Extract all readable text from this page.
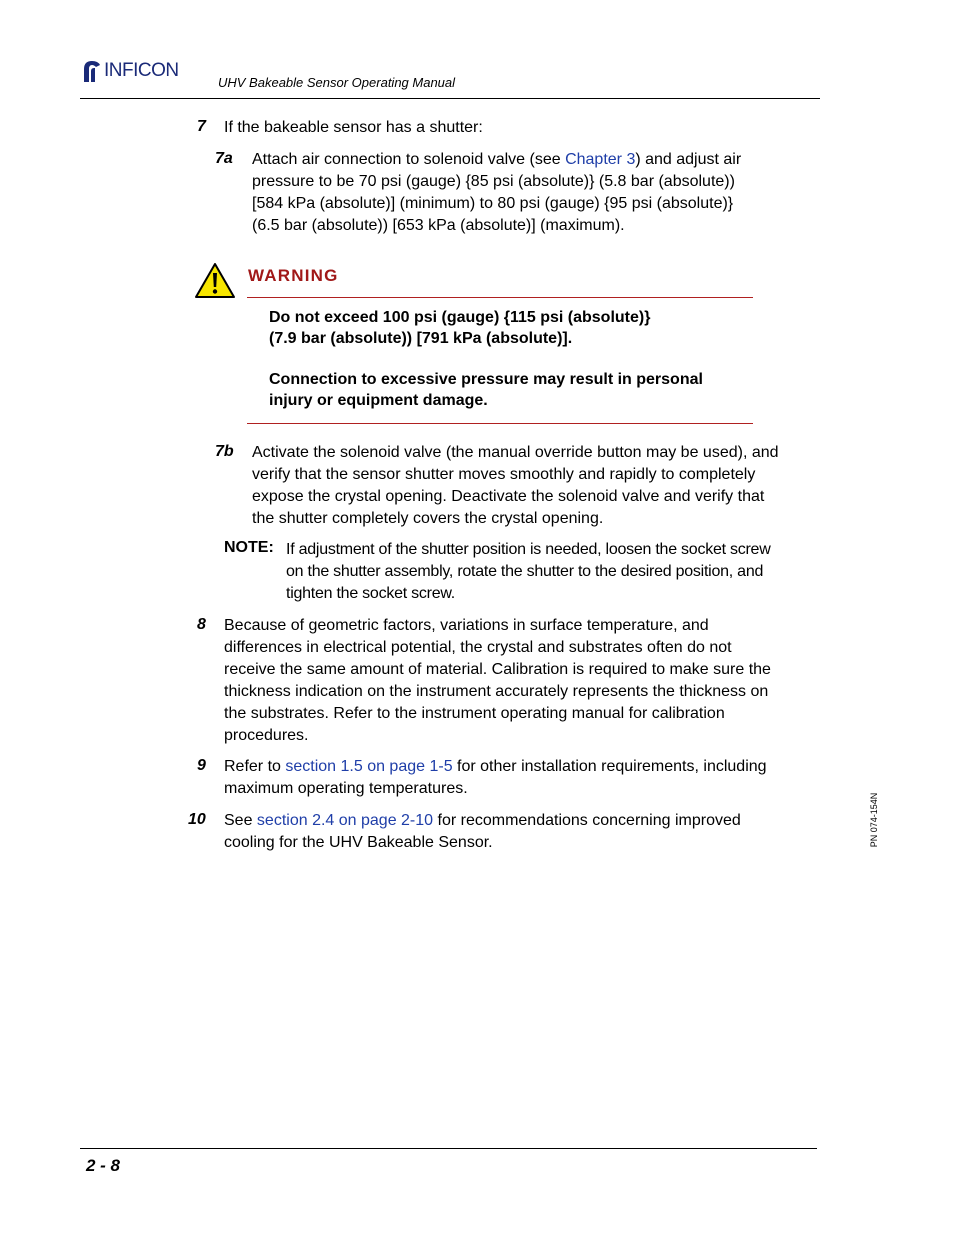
INFICON
UHV Bakeable Sensor Operating Manual
7 If the bakeable sensor has a shutter:
7a Attach air connection to solenoid valve (see Chapter 3) and adjust air
pressure to be 70 psi (gauge) {85 psi (absolute)} (5.8 bar (absolute))
[584 kPa (absolute)] (minimum) to 80 psi (gauge) {95 psi (absolute)}
(6.5 bar (absolute)) [653 kPa (absolute)] (maximum).
WARNING
Do not exceed 100 psi (gauge) {115 psi (absolute)}
(7.9 bar (absolute)) [791 kPa (absolute)].
Connection to excessive pressure may result in personal
injury or equipment damage.
7b Activate the solenoid valve (the manual override button may be used), and
verify that the sensor shutter moves smoothly and rapidly to completely
expose the crystal opening. Deactivate the solenoid valve and verify that
the shutter completely covers the crystal opening.
NOTE: If adjustment of the shutter position is needed, loosen the socket screw
on the shutter assembly, rotate the shutter to the desired position, and
tighten the socket screw.
8 Because of geometric factors, variations in surface temperature, and
differences in electrical potential, the crystal and substrates often do not
receive the same amount of material. Calibration is required to make sure the
thickness indication on the instrument accurately represents the thickness on
the substrates. Refer to the instrument operating manual for calibration
procedures.
9 Refer to section 1.5 on page 1-5 for other installation requirements, including
maximum operating temperatures.
10 See section 2.4 on page 2-10 for recommendations concerning improved
cooling for the UHV Bakeable Sensor.	PN 074-154N
2 - 8
